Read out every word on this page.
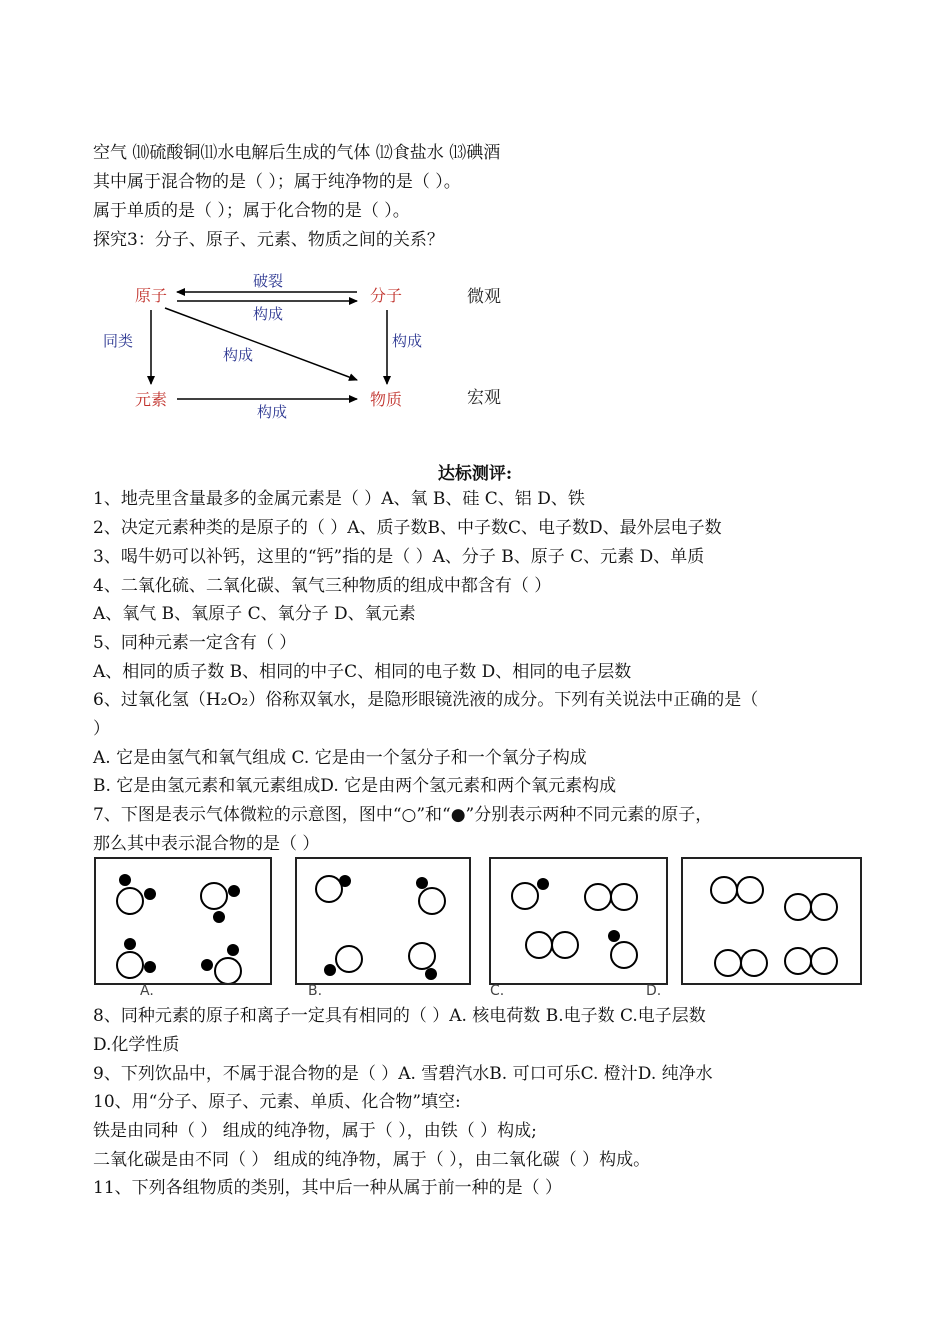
空气 ⑽硫酸铜⑾水电解后生成的气体 ⑿食盐水 ⒀碘酒
其中属于混合物的是（ ）；属于纯净物的是（ ）。
属于单质的是（ ）；属于化合物的是（ ）。
探究3：分子、原子、元素、物质之间的关系？
原子	分子
元素	物质
破裂
构成
同类
构成
构成
构成
微观
宏观
达标测评:
1、地壳里含量最多的金属元素是（ ）A、氧 B、硅 C、铝 D、铁
2、决定元素种类的是原子的（ ）A、质子数B、中子数C、电子数D、最外层电子数
3、喝牛奶可以补钙，这里的“钙”指的是（ ）A、分子 B、原子 C、元素 D、单质
4、二氧化硫、二氧化碳、氧气三种物质的组成中都含有（ ）
A、氧气 B、氧原子 C、氧分子 D、氧元素
5、同种元素一定含有（ ）
A、相同的质子数 B、相同的中子C、相同的电子数 D、相同的电子层数
6、过氧化氢（H₂O₂）俗称双氧水，是隐形眼镜洗液的成分。下列有关说法中正确的是（
）
A. 它是由氢气和氧气组成 C. 它是由一个氢分子和一个氧分子构成
B. 它是由氢元素和氧元素组成D. 它是由两个氢元素和两个氧元素构成
7、下图是表示气体微粒的示意图，图中“○”和“●”分别表示两种不同元素的原子，
那么其中表示混合物的是（ ）
A.	B.	C.	D.
8、同种元素的原子和离子一定具有相同的（ ）A. 核电荷数 B.电子数 C.电子层数
D.化学性质
9、下列饮品中，不属于混合物的是（ ）A. 雪碧汽水B. 可口可乐C. 橙汁D. 纯净水
10、用“分子、原子、元素、单质、化合物”填空:
铁是由同种（ ） 组成的纯净物，属于（ ），由铁（ ）构成;
二氧化碳是由不同（ ） 组成的纯净物，属于（ ），由二氧化碳（ ）构成。
11、下列各组物质的类别，其中后一种从属于前一种的是（ ）
